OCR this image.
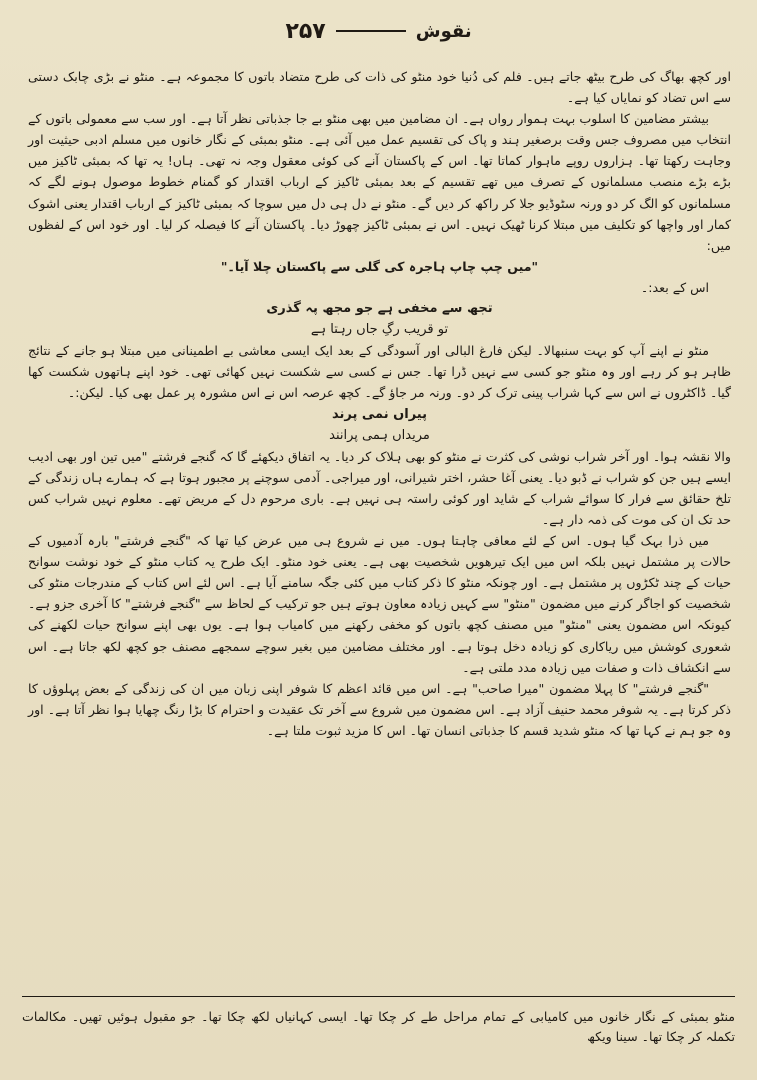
نقوش
۲۵۷

اور کچھ بھاگ کی طرح بیٹھ جاتے ہیں۔ فلم کی دُنیا خود منٹو کی ذات کی طرح متضاد باتوں کا مجموعہ ہے۔ منٹو نے بڑی چابک دستی سے اس تضاد کو نمایاں کیا ہے۔

بیشتر مضامین کا اسلوب بہت ہموار رواں ہے۔ ان مضامین میں بھی منٹو بے جا جذباتی نظر آتا ہے۔ اور سب سے معمولی باتوں کے انتخاب میں مصروف جس وقت برصغیر ہند و پاک کی تقسیم عمل میں آئی ہے۔ منٹو بمبئی کے نگار خانوں میں مسلم ادبی حیثیت اور وجاہت رکھتا تھا۔ ہزاروں روپے ماہوار کماتا تھا۔ اس کے پاکستان آنے کی کوئی معقول وجہ نہ تھی۔ ہاں! یہ تھا کہ بمبئی ٹاکیز میں بڑے بڑے منصب مسلمانوں کے تصرف میں تھے تقسیم کے بعد بمبئی ٹاکیز کے ارباب اقتدار کو گمنام خطوط موصول ہونے لگے کہ مسلمانوں کو الگ کر دو ورنہ سٹوڈیو جلا کر راکھ کر دیں گے۔ منٹو نے دل ہی دل میں سوچا کہ بمبئی ٹاکیز کے ارباب اقتدار یعنی اشوک کمار اور واچھا کو تکلیف میں مبتلا کرنا ٹھیک نہیں۔ اس نے بمبئی ٹاکیز چھوڑ دیا۔ پاکستان آنے کا فیصلہ کر لیا۔ اور خود اس کے لفظوں میں:

"میں چپ چاپ ہاجرہ کی گلی سے پاکستان چلا آیا۔"

اس کے بعد:۔

تجھ سے مخفی ہے جو مجھ پہ گذری

تو قریب رگِ جاں رہتا ہے

منٹو نے اپنے آپ کو بہت سنبھالا۔ لیکن فارغ البالی اور آسودگی کے بعد ایک ایسی معاشی بے اطمینانی میں مبتلا ہو جانے کے نتائج ظاہر ہو کر رہے اور وہ منٹو جو کسی سے نہیں ڈرا تھا۔ جس نے کسی سے شکست نہیں کھائی تھی۔ خود اپنے ہاتھوں شکست کھا گیا۔ ڈاکٹروں نے اس سے کہا شراب پینی ترک کر دو۔ ورنہ مر جاؤ گے۔ کچھ عرصہ اس نے اس مشورہ پر عمل بھی کیا۔ لیکن:۔

پیراں نمی پرند

مریداں ہمی پرانند

والا نقشہ ہوا۔ اور آخر شراب نوشی کی کثرت نے منٹو کو بھی ہلاک کر دیا۔ یہ اتفاق دیکھئے گا کہ گنجے فرشتے "میں تین اور بھی ادیب ایسے ہیں جن کو شراب نے ڈبو دیا۔ یعنی آغا حشر، اختر شیرانی، اور میراجی۔ آدمی سوچنے پر مجبور ہوتا ہے کہ ہمارے ہاں زندگی کے تلخ حقائق سے فرار کا سوائے شراب کے شاید اور کوئی راستہ ہی نہیں ہے۔ باری مرحوم دل کے مریض تھے۔ معلوم نہیں شراب کس حد تک ان کی موت کی ذمہ دار ہے۔

میں ذرا بہک گیا ہوں۔ اس کے لئے معافی چاہتا ہوں۔ میں نے شروع ہی میں عرض کیا تھا کہ "گنجے فرشتے" بارہ آدمیوں کے حالات پر مشتمل نہیں بلکہ اس میں ایک تیرھویں شخصیت بھی ہے۔ یعنی خود منٹو۔ ایک طرح یہ کتاب منٹو کے خود نوشت سوانح حیات کے چند ٹکڑوں پر مشتمل ہے۔ اور چونکہ منٹو کا ذکر کتاب میں کئی جگہ سامنے آیا ہے۔ اس لئے اس کتاب کے مندرجات منٹو کی شخصیت کو اجاگر کرنے میں مضمون "منٹو" سے کہیں زیادہ معاون ہوتے ہیں جو ترکیب کے لحاظ سے "گنجے فرشتے" کا آخری جزو ہے۔ کیونکہ اس مضمون یعنی "منٹو" میں مصنف کچھ باتوں کو مخفی رکھنے میں کامیاب ہوا ہے۔ یوں بھی اپنے سوانح حیات لکھنے کی شعوری کوشش میں ریاکاری کو زیادہ دخل ہوتا ہے۔ اور مختلف مضامین میں بغیر سوچے سمجھے مصنف جو کچھ لکھ جاتا ہے۔ اس سے انکشاف ذات و صفات میں زیادہ مدد ملتی ہے۔

"گنجے فرشتے" کا پہلا مضمون "میرا صاحب" ہے۔ اس میں قائد اعظم کا شوفر اپنی زبان میں ان کی زندگی کے بعض پہلوؤں کا ذکر کرتا ہے۔ یہ شوفر محمد حنیف آزاد ہے۔ اس مضمون میں شروع سے آخر تک عقیدت و احترام کا بڑا رنگ چھایا ہوا نظر آتا ہے۔ اور وہ جو ہم نے کہا تھا کہ منٹو شدید قسم کا جذباتی انسان تھا۔ اس کا مزید ثبوت ملتا ہے۔

منٹو بمبئی کے نگار خانوں میں کامیابی کے تمام مراحل طے کر چکا تھا۔ ایسی کہانیاں لکھ چکا تھا۔ جو مقبول ہوئیں تھیں۔ مکالمات تکملہ کر چکا تھا۔ سینا ویکھ
